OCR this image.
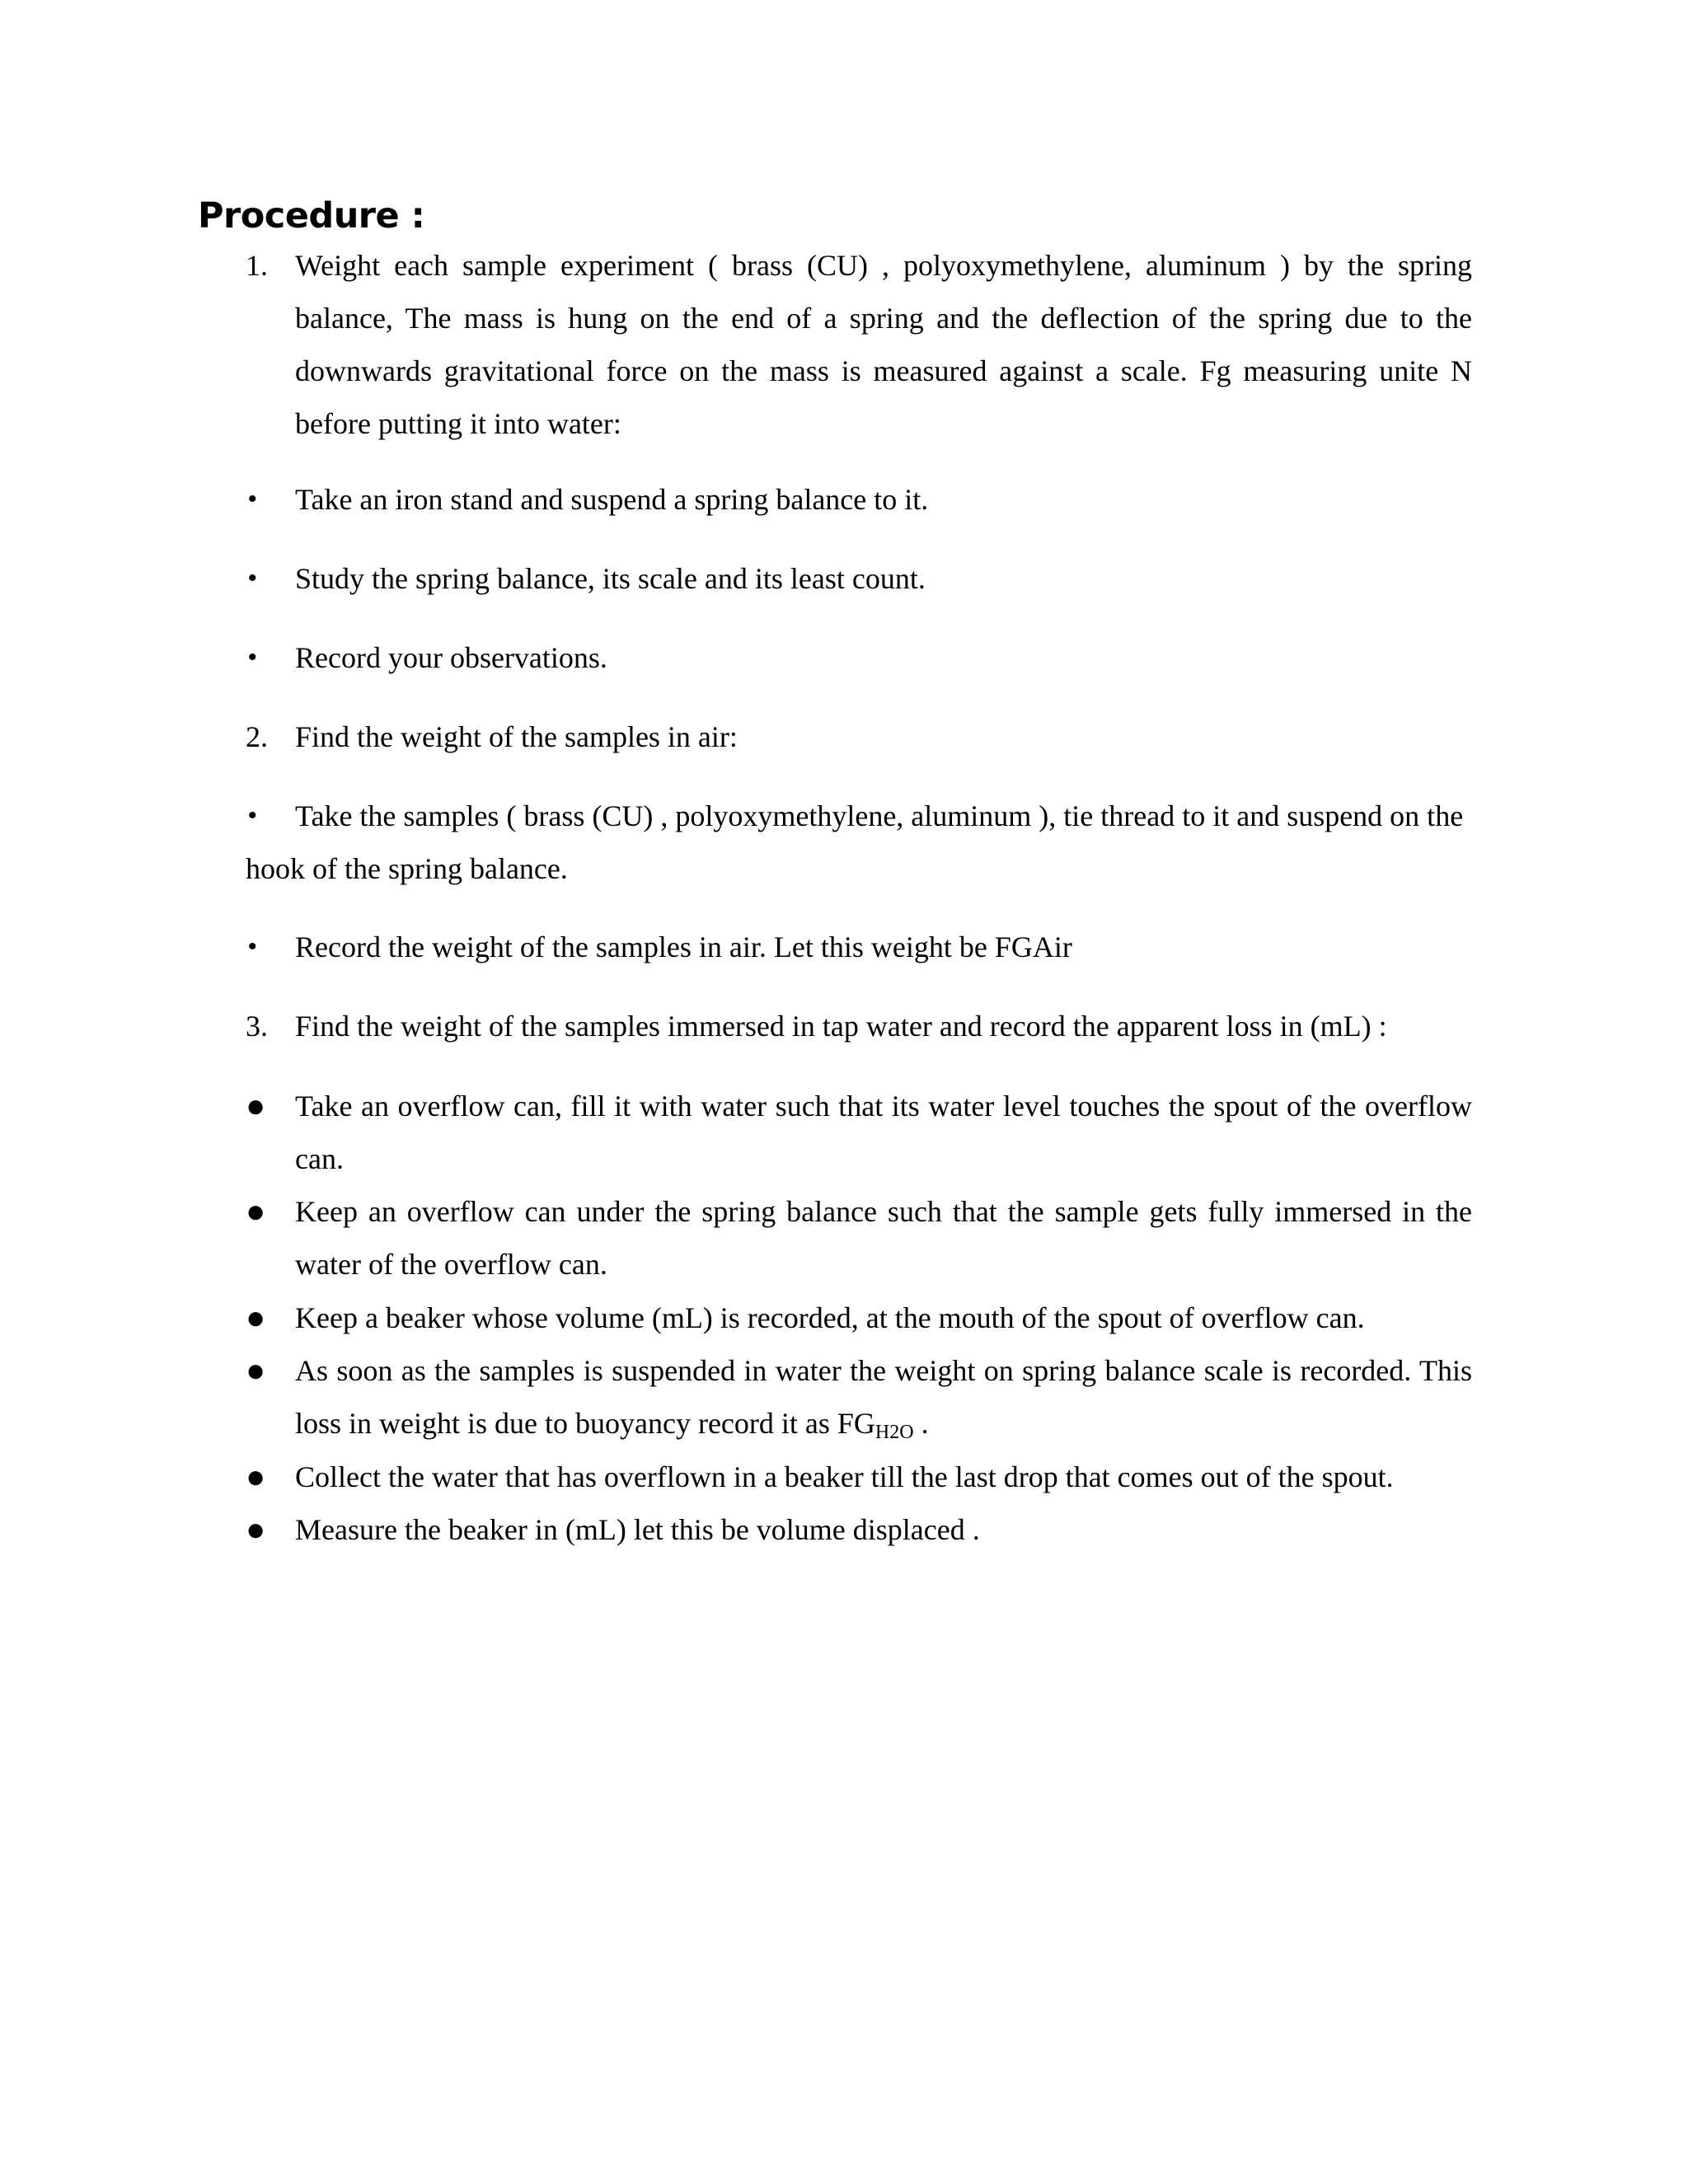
Procedure :
1. Weight each sample experiment ( brass (CU) , polyoxymethylene, aluminum ) by the spring balance, The mass is hung on the end of a spring and the deflection of the spring due to the downwards gravitational force on the mass is measured against a scale. Fg measuring unite N before putting it into water:
• Take an iron stand and suspend a spring balance to it.
• Study the spring balance, its scale and its least count.
• Record your observations.
2. Find the weight of the samples in air:
•	Take the samples ( brass (CU) , polyoxymethylene, aluminum ), tie thread to it and suspend on the hook of the spring balance.
• Record the weight of the samples in air. Let this weight be FGAir
3. Find the weight of the samples immersed in tap water and record the apparent loss in (mL) :
● Take an overflow can, fill it with water such that its water level touches the spout of the overflow can.
● Keep an overflow can under the spring balance such that the sample gets fully immersed in the water of the overflow can.
● Keep a beaker whose volume (mL) is recorded, at the mouth of the spout of overflow can.
● As soon as the samples is suspended in water the weight on spring balance scale is recorded. This loss in weight is due to buoyancy record it as $FG_{H2O}$ .
● Collect the water that has overflown in a beaker till the last drop that comes out of the spout.
● Measure the beaker in (mL) let this be volume displaced .
